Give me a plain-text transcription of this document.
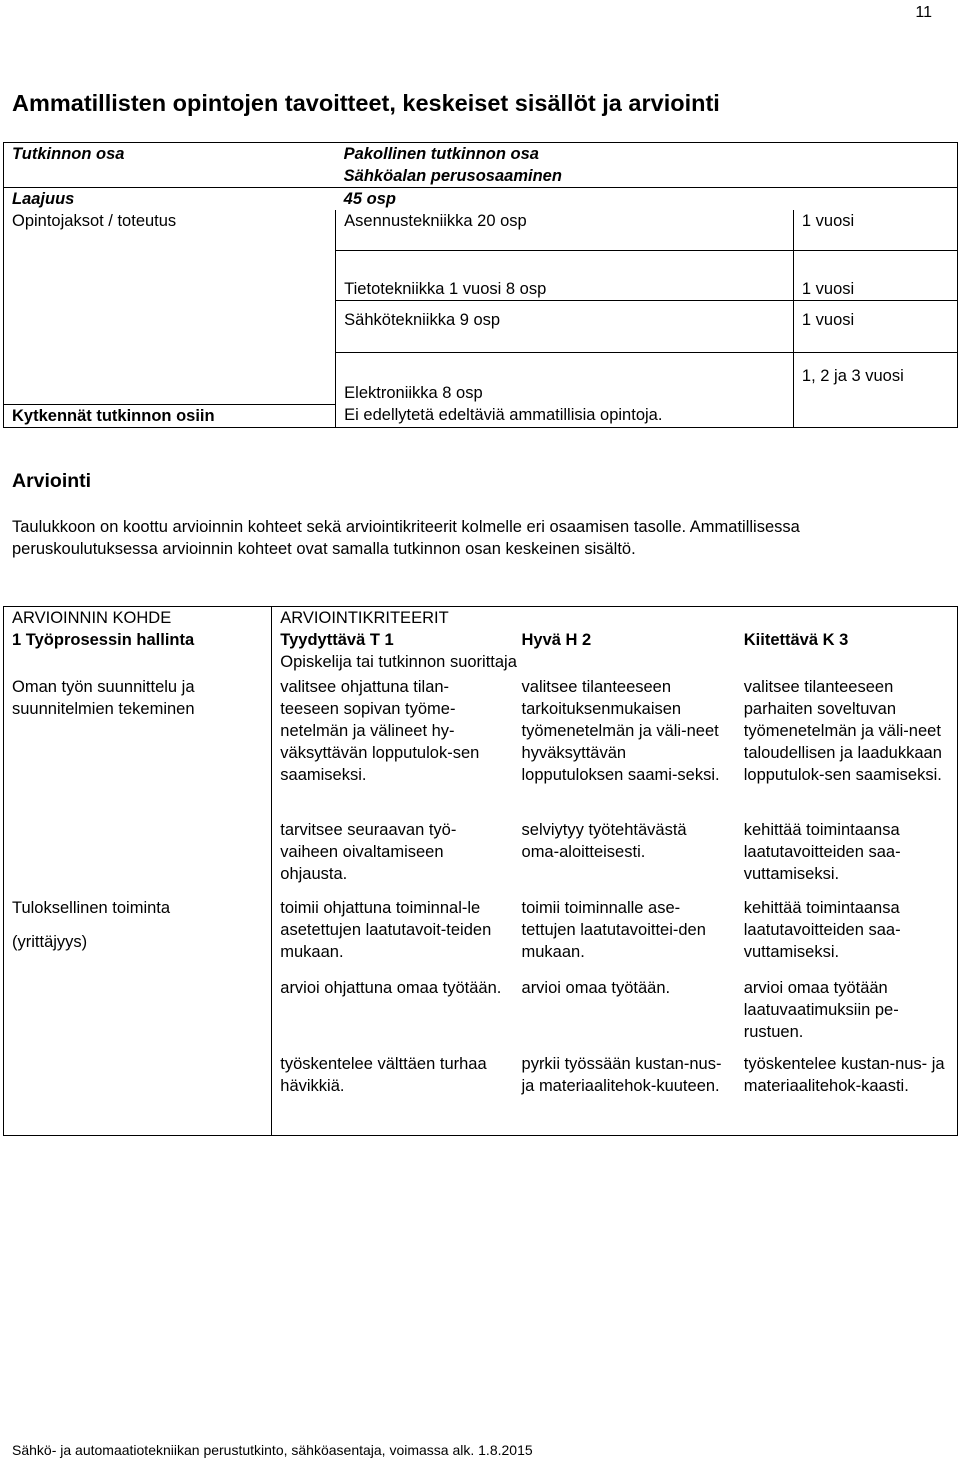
11
Ammatillisten opintojen tavoitteet, keskeiset sisällöt ja arviointi
Tutkinnon osa	Pakollinen tutkinnon osa
Sähköalan perusosaaminen	

Laajuus	45 osp	
Opintojaksot / toteutus	Asennustekniikka 20 osp	1 vuosi
	Tietotekniikka 1 vuosi 8 osp	1 vuosi
	Sähkötekniikka 9 osp	1 vuosi
	Elektroniikka 8 osp	1, 2 ja 3 vuosi
Kytkennät tutkinnon osiin	Ei edellytetä edeltäviä ammatillisia opintoja.	
Arviointi
Taulukkoon on koottu arvioinnin kohteet sekä arviointikriteerit kolmelle eri osaamisen tasolle. Ammatillisessa peruskoulutuksessa arvioinnin kohteet ovat samalla tutkinnon osan keskeinen sisältö.
ARVIOINNIN KOHDE	ARVIOINTIKRITEERIT		
1 Työprosessin hallinta	Tyydyttävä T 1	Hyvä H 2	Kiitettävä K 3
	Opiskelija tai tutkinnon suorittaja		
Oman työn suunnittelu ja suunnitelmien tekeminen	valitsee ohjattuna tilan-teeseen sopivan työme-netelmän ja välineet hy-väksyttävän lopputulok-sen saamiseksi.	valitsee tilanteeseen tarkoituksenmukaisen työmenetelmän ja väli-neet hyväksyttävän lopputuloksen saami-seksi.	valitsee tilanteeseen parhaiten soveltuvan työmenetelmän ja väli-neet taloudellisen ja laadukkaan lopputulok-sen saamiseksi.
	tarvitsee seuraavan työ-vaiheen oivaltamiseen ohjausta.	selviytyy työtehtävästä oma-aloitteisesti.	kehittää toimintaansa laatutavoitteiden saa-vuttamiseksi.

Tuloksellinen toiminta
(yrittäjyys)	toimii ohjattuna toiminnal-le asetettujen laatutavoit-teiden mukaan.	toimii toiminnalle ase-tettujen laatutavoittei-den mukaan.	kehittää toimintaansa laatutavoitteiden saa-vuttamiseksi.
	arvioi ohjattuna omaa työtään.	arvioi omaa työtään.	arvioi omaa työtään laatuvaatimuksiin pe-rustuen.
	työskentelee välttäen turhaa hävikkiä.	pyrkii työssään kustan-nus- ja materiaalitehok-kuuteen.	työskentelee kustan-nus- ja materiaalitehok-kaasti.
Sähkö- ja automaatiotekniikan perustutkinto, sähköasentaja, voimassa alk. 1.8.2015
